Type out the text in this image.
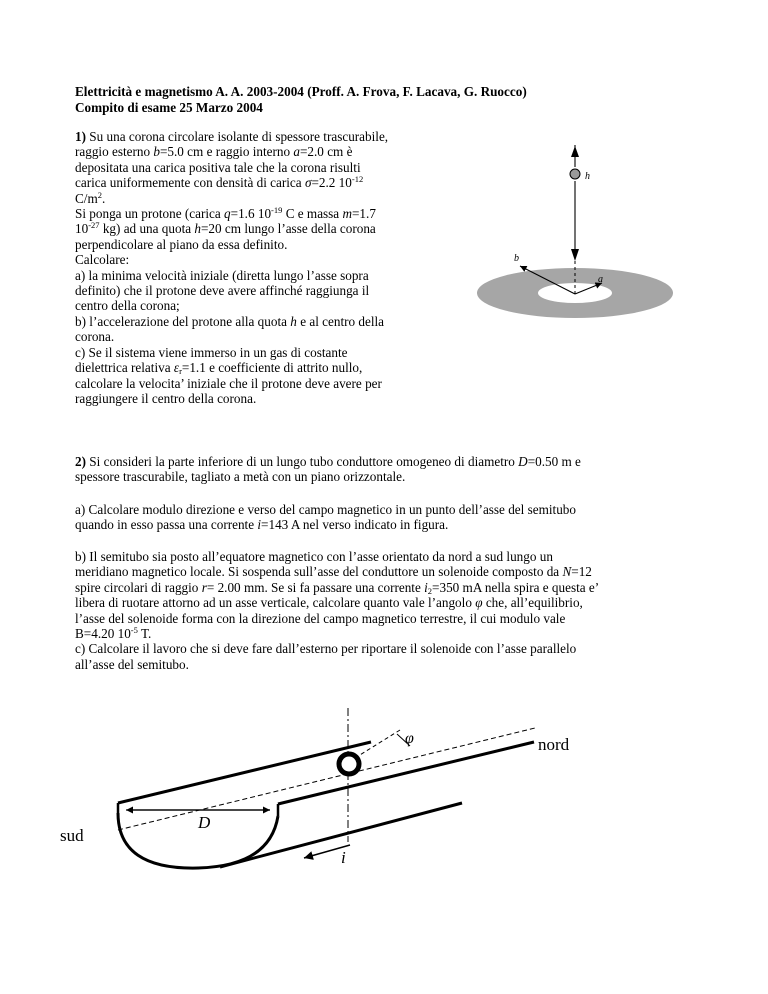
Elettricità e magnetismo A. A. 2003-2004 (Proff. A. Frova, F. Lacava, G. Ruocco)
Compito di esame 25 Marzo 2004
1) Su una corona circolare isolante di spessore trascurabile,
raggio esterno b=5.0 cm e raggio interno a=2.0 cm è
depositata una carica positiva tale che la corona risulti
carica uniformemente con densità di carica σ=2.2 $10^{-12}$
$C/m^2$.
Si ponga un protone (carica q=1.6 $10^{-19}$ C e massa m=1.7
$10^{-27}$ kg) ad una quota h=20 cm lungo l’asse della corona
perpendicolare al piano da essa definito.
Calcolare:
a) la minima velocità iniziale (diretta lungo l’asse sopra
definito) che il protone deve avere affinché raggiunga il
centro della corona;
b) l’accelerazione del protone alla quota h e al centro della
corona.
c) Se il sistema viene immerso in un gas di costante
dielettrica relativa $\varepsilon_r=1.1$ e coefficiente di attrito nullo,
calcolare la velocita’ iniziale che il protone deve avere per
raggiungere il centro della corona.
h
b
a
2) Si consideri la parte inferiore di un lungo tubo conduttore omogeneo di diametro D=0.50 m e
spessore trascurabile, tagliato a metà con un piano orizzontale.
a) Calcolare modulo direzione e verso del campo magnetico in un punto dell’asse del semitubo
quando in esso passa una corrente i=143 A nel verso indicato in figura.
b) Il semitubo sia posto all’equatore magnetico con l’asse orientato da nord a sud lungo un
meridiano magnetico locale. Si sospenda sull’asse del conduttore un solenoide composto da N=12
spire circolari di raggio r= 2.00 mm. Se si fa passare una corrente $i_2=350$ mA nella spira e questa e’
libera di ruotare attorno ad un asse verticale, calcolare quanto vale l’angolo φ che, all’equilibrio,
l’asse del solenoide forma con la direzione del campo magnetico terrestre, il cui modulo vale
B=4.20 $10^{-5}$ T.
c) Calcolare il lavoro che si deve fare dall’esterno per riportare il solenoide con l’asse parallelo
all’asse del semitubo.
nord
sud
D
i
φ
